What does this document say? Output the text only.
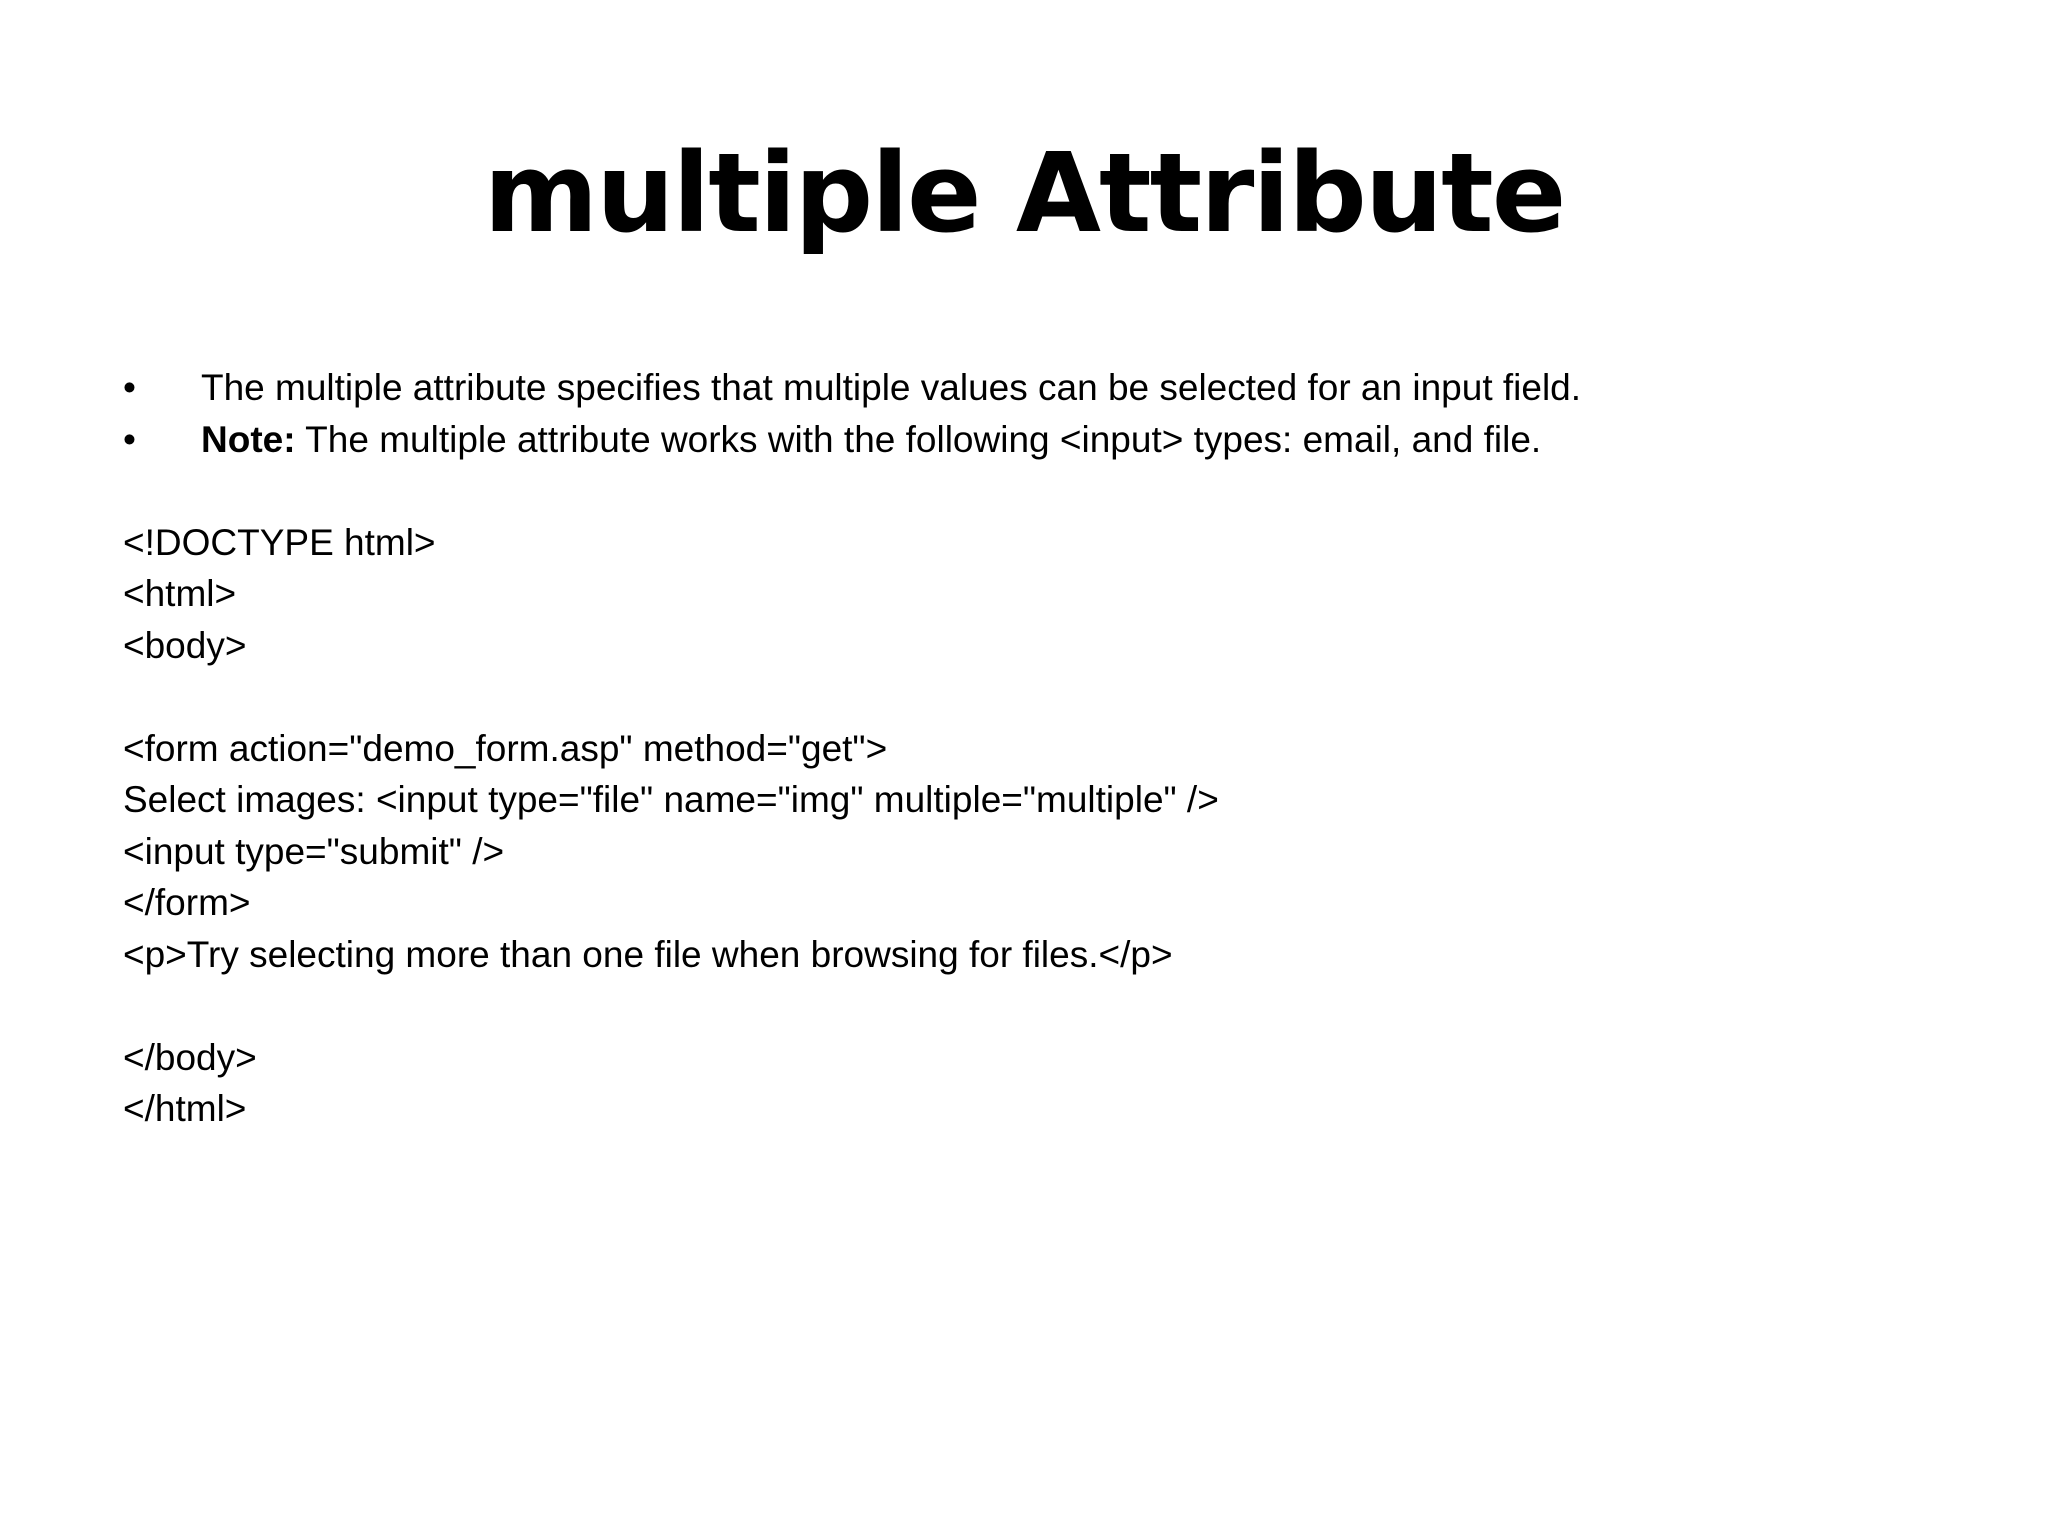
multiple Attribute
•	The multiple attribute specifies that multiple values can be selected for an input field.
•	Note: The multiple attribute works with the following <input> types: email, and file.
<!DOCTYPE html>
<html>
<body>
<form action="demo_form.asp" method="get">
Select images: <input type="file" name="img" multiple="multiple" />
<input type="submit" />
</form>
<p>Try selecting more than one file when browsing for files.</p>
</body>
</html>
